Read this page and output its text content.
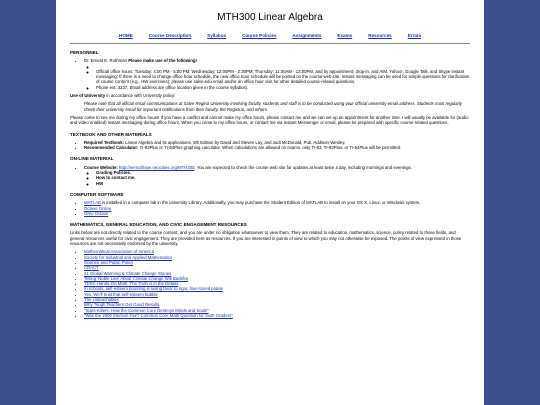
MTH300 Linear Algebra
HOME	Course Description	Syllabus	Course Policies	Assignments	Exams	Resources	Errata
PERSONNEL
• Dr. Ernest E. Rothman Please make use of the following!
◦
◦ Official office hours: Tuesday: 4:00 PM - 5:00 PM; Wednesday: 12:00PM - 2:30PM; Thursday: 11:00AM - 12:00PM, and by appointment; drop-in, and AIM, Yahoo!, Google Talk, and Skype instant messaging; If there is a need to change office hour schedule, the new office hour schedule will be posted on the course web site. Instant messaging can be used for simple questions for clarification of course content (e.g., HW exercises); please use salve.edu email and/or an office hour visit for other detailed course-related questions.
◦ Phone ext: 3237. Email address are office location given in the course syllabus).

Use of University in accordance with University policy:

Please note that all official email communications at Salve Regina University involving faculty, students and staff is to be conducted using your official university email address. Students must regularly check their university email for important notifications from their faculty, the Registrar, and others.

Please come to see me during my office hours! If you have a conflict and cannot make my office hours, please contact me and we can set up an appointment for another time. I will usually be available for (audio and video enabled) instant messaging during office hours. When you come to my office hours, or contact me via Instant Messenger or email, please be prepared with specific course-related questions.

TEXTBOOK AND OTHER MATERIALS
• Required Textbook: Linear Algebra and its applications, 5th Edition by David and Steven Lay, and Judi McDonald, Pub. Addison-Wesley.
• Recommended Calculator: TI-83Plus or TI-84Plus graphing calculator. When calculations are allowed on exams, only TI-83, TI-83Plus, or TI-84Plus will be permitted.
ON-LINE MATERIAL
• Course Website: http://eemothope.neocities.org/MTH300. You are expected to check the course web site for updates at least twice a day, including mornings and evenings.
◦ Grading Policies.
◦ How to contact me.
◦ HW
COMPUTER SOFTWARE
• MATLAB is installed in a computer lab in the university Library. Additionally, you may purchase the Student Edition of MATLAB to install on your OS X, Linux, or Windows system.
• Octave Online
• GNU Octave
MATHEMATICS, GENERAL EDUCATION, AND CIVIC ENGAGEMENT RESOURCES

Links below are not directly related to the course content, and you are under no obligation whatsoever to view them. They are related to education, mathematics, science, policy related to those fields, and general resources useful for civic engagement. They are provided here as resources. If you are interested in points of view to which you may not otherwise be exposed. The points of view expressed in those resources are not necessarily endorsed by the university.

• Mathematical Association of America
• Society for Industrial and Applied Mathematics
• Science and Public Policy
• CRACT
• 21 Global Warming & Climate Change Stories
• Telling 'Noble Lies' About Climate Change Will Backfire
• TERC Hands-On Math: The Truth is in the Details
• In schools, self-esteem boosting is losing favor to rigor, finer-tuned praise
• Yes, We'll trust that self-esteem bubble
• The Unteachables
• Why Tough Teachers Get Good Results
• "Stars-Killers: How the Common Core Destroys Minds and Souls"
• "Was the 2000 Election Fair? Common Core Math Question for Sixth Graders"
